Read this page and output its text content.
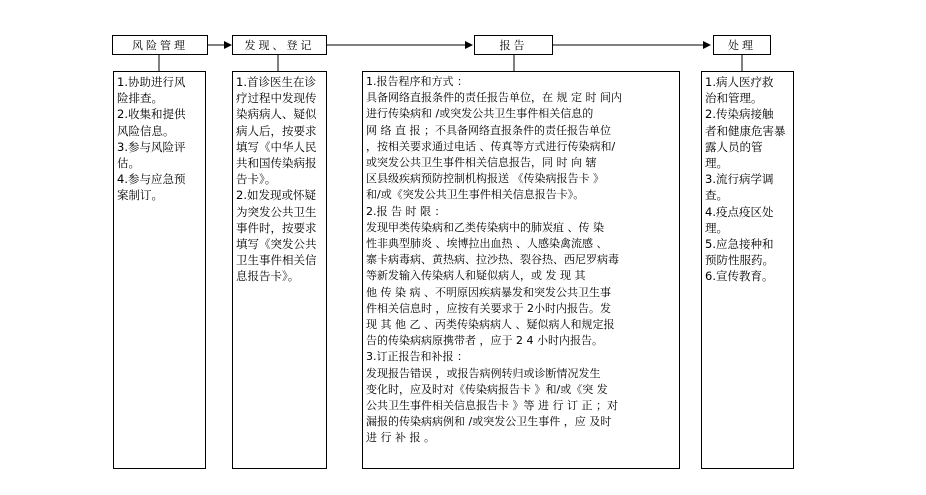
风险管理	发现、登记	报告	处理
1.协助进行风
险排查。
2.收集和提供
风险信息。
3.参与风险评
估。
4.参与应急预
案制订。
1.首诊医生在诊
疗过程中发现传
染病病人、疑似
病人后，按要求
填写《中华人民
共和国传染病报
告卡》。
2.如发现或怀疑
为突发公共卫生
事件时，按要求
填写《突发公共
卫生事件相关信
息报告卡》。
1.报告程序和方式 ：
具备网络直报条件的责任报告单位，在 规 定 时 间内
进行传染病和 /或突发公共卫生事件相关信息的
网 络 直 报 ；不具备网络直报条件的责任报告单位
，按相关要求通过电话 、传真等方式进行传染病和/
或突发公共卫生事件相关信息报告，同 时 向 辖
区县级疾病预防控制机构报送 《传染病报告卡 》
和/或《突发公共卫生事件相关信息报告卡》。
2.报 告 时 限 ：
发现甲类传染病和乙类传染病中的肺炭疽 、传 染
性非典型肺炎 、埃博拉出血热 、人感染禽流感 、
寨卡病毒病、黄热病、拉沙热、裂谷热、西尼罗病毒
等新发输入传染病人和疑似病人，或 发 现 其
他 传 染 病 、不明原因疾病暴发和突发公共卫生事
件相关信息时 ，应按有关要求于 2小时内报告。发
现 其 他 乙 、丙类传染病病人 、疑似病人和规定报
告的传染病病原携带者 ，应于 2 4 小时内报告。
3.订正报告和补报 ：
发现报告错误 ，或报告病例转归或诊断情况发生
变化时，应及时对《传染病报告卡 》和/或《突 发
公共卫生事件相关信息报告卡 》等 进 行 订 正 ；对
漏报的传染病病例和 /或突发公卫生事件 ，应 及时
进 行 补 报 。
1.病人医疗救
治和管理。
2.传染病接触
者和健康危害暴
露人员的管
理。
3.流行病学调
查。
4.疫点疫区处
理。
5.应急接种和
预防性服药。
6.宣传教育。
